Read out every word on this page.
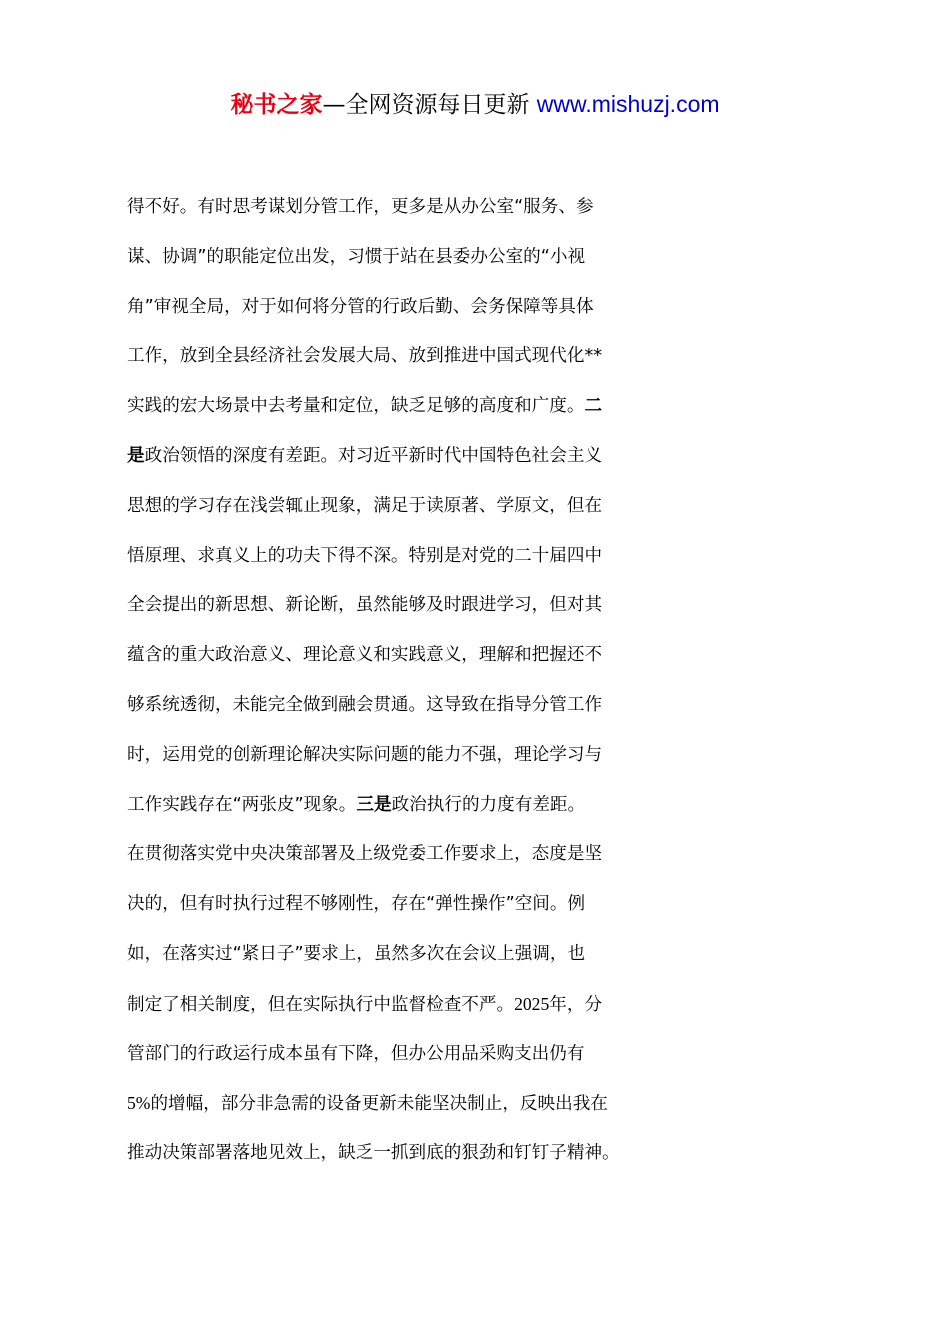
秘书之家—全网资源每日更新 www.mishuzj.com
得不好。有时思考谋划分管工作，更多是从办公室“服务、参
谋、协调”的职能定位出发，习惯于站在县委办公室的“小视
角”审视全局，对于如何将分管的行政后勤、会务保障等具体
工作，放到全县经济社会发展大局、放到推进中国式现代化**
实践的宏大场景中去考量和定位，缺乏足够的高度和广度。二
是政治领悟的深度有差距。对习近平新时代中国特色社会主义
思想的学习存在浅尝辄止现象，满足于读原著、学原文，但在
悟原理、求真义上的功夫下得不深。特别是对党的二十届四中
全会提出的新思想、新论断，虽然能够及时跟进学习，但对其
蕴含的重大政治意义、理论意义和实践意义，理解和把握还不
够系统透彻，未能完全做到融会贯通。这导致在指导分管工作
时，运用党的创新理论解决实际问题的能力不强，理论学习与
工作实践存在“两张皮”现象。三是政治执行的力度有差距。
在贯彻落实党中央决策部署及上级党委工作要求上，态度是坚
决的，但有时执行过程不够刚性，存在“弹性操作”空间。例
如，在落实过“紧日子”要求上，虽然多次在会议上强调，也
制定了相关制度，但在实际执行中监督检查不严。2025年，分
管部门的行政运行成本虽有下降，但办公用品采购支出仍有
5%的增幅，部分非急需的设备更新未能坚决制止，反映出我在
推动决策部署落地见效上，缺乏一抓到底的狠劲和钉钉子精神。
